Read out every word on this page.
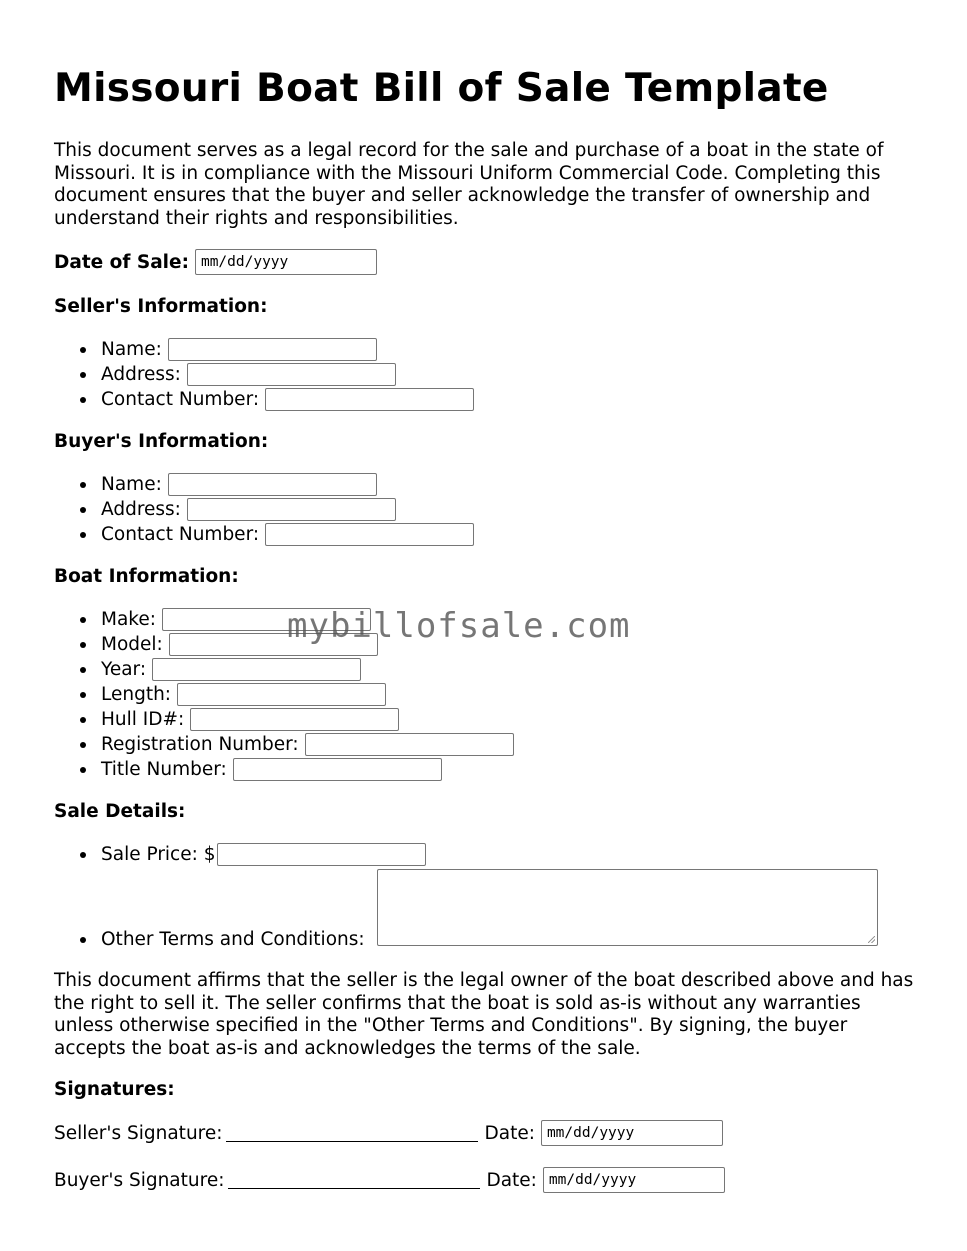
Missouri Boat Bill of Sale Template

This document serves as a legal record for the sale and purchase of a boat in the state of Missouri. It is in compliance with the Missouri Uniform Commercial Code. Completing this document ensures that the buyer and seller acknowledge the transfer of ownership and understand their rights and responsibilities.

Date of Sale: mm/dd/yyyy
Seller's Information:
Name:
Address:
Contact Number:
Buyer's Information:
Name:
Address:
Contact Number:
Boat Information:
Make:
Model:
Year:
Length:
Hull ID#:
Registration Number:
Title Number:
Sale Details:
Sale Price: $
Other Terms and Conditions:

This document affirms that the seller is the legal owner of the boat described above and has the right to sell it. The seller confirms that the boat is sold as-is without any warranties unless otherwise specified in the "Other Terms and Conditions". By signing, the buyer accepts the boat as-is and acknowledges the terms of the sale.

Signatures:
Seller's Signature:	Date: mm/dd/yyyy
Buyer's Signature:	Date: mm/dd/yyyy
mybillofsale.com
